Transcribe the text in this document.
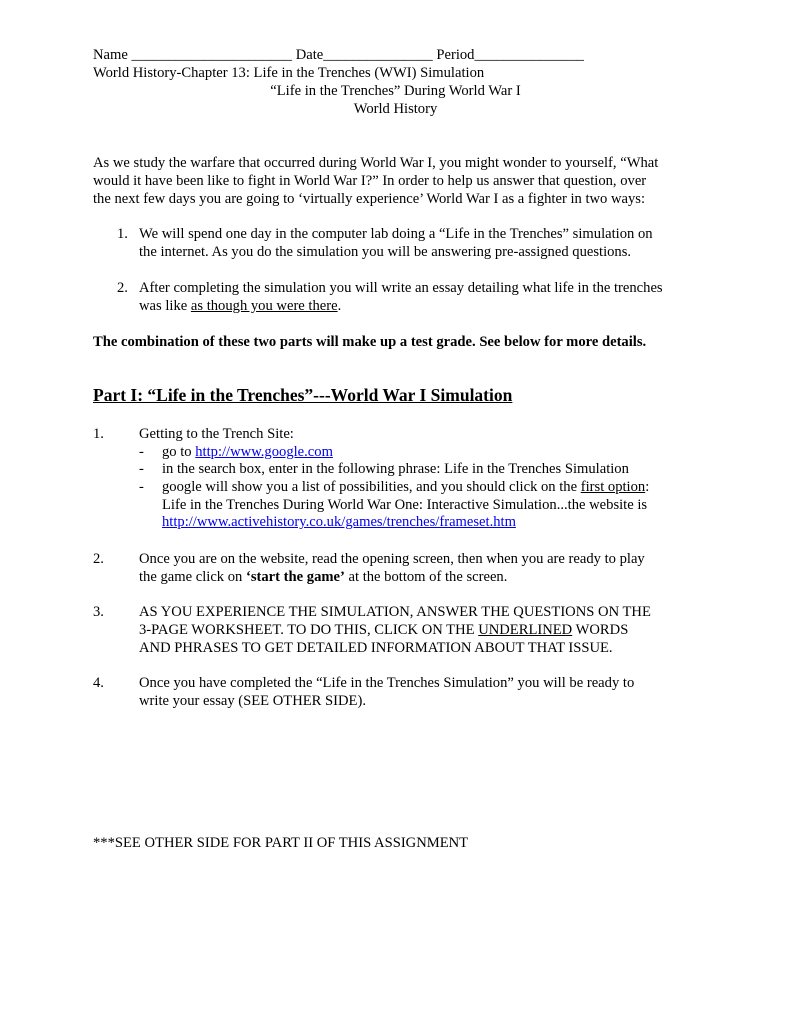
Name ______________________ Date_______________ Period_______________
World History-Chapter 13: Life in the Trenches (WWI) Simulation
“Life in the Trenches” During World War I
World History
As we study the warfare that occurred during World War I, you might wonder to yourself, “What
would it have been like to fight in World War I?” In order to help us answer that question, over
the next few days you are going to ‘virtually experience’ World War I as a fighter in two ways:
1. We will spend one day in the computer lab doing a “Life in the Trenches” simulation on
the internet. As you do the simulation you will be answering pre-assigned questions.
2. After completing the simulation you will write an essay detailing what life in the trenches
was like as though you were there.
The combination of these two parts will make up a test grade. See below for more details.
Part I: “Life in the Trenches”---World War I Simulation
1. Getting to the Trench Site:
- go to http://www.google.com
- in the search box, enter in the following phrase: Life in the Trenches Simulation
- google will show you a list of possibilities, and you should click on the first option:
Life in the Trenches During World War One: Interactive Simulation...the website is
http://www.activehistory.co.uk/games/trenches/frameset.htm
2. Once you are on the website, read the opening screen, then when you are ready to play
the game click on ‘start the game’ at the bottom of the screen.
3. AS YOU EXPERIENCE THE SIMULATION, ANSWER THE QUESTIONS ON THE
3-PAGE WORKSHEET. TO DO THIS, CLICK ON THE UNDERLINED WORDS
AND PHRASES TO GET DETAILED INFORMATION ABOUT THAT ISSUE.
4. Once you have completed the “Life in the Trenches Simulation” you will be ready to
write your essay (SEE OTHER SIDE).
***SEE OTHER SIDE FOR PART II OF THIS ASSIGNMENT
